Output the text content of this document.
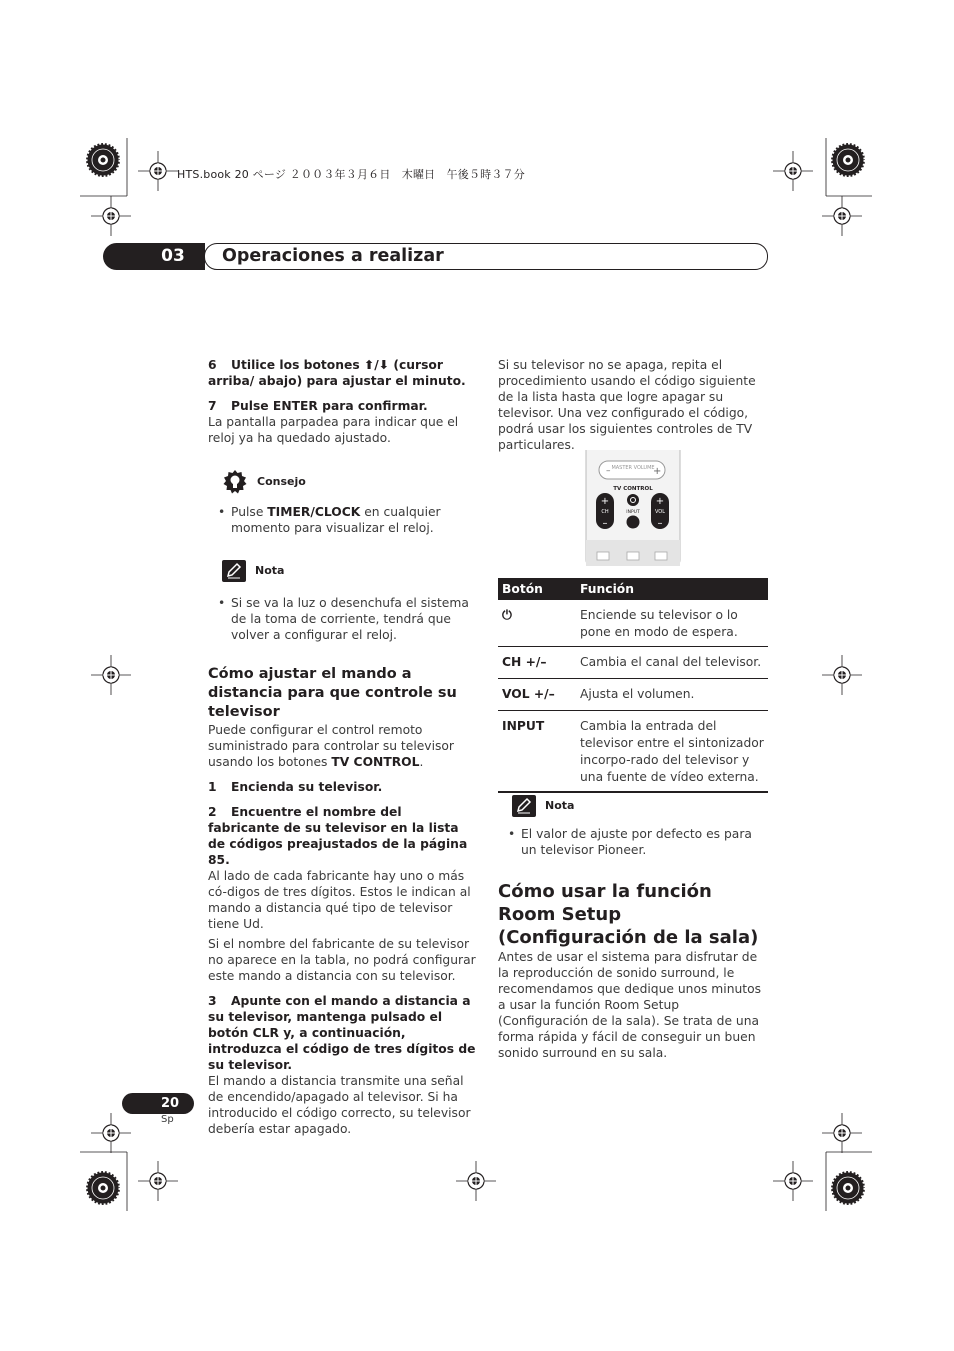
HTS.book 20 ページ ２００３年３月６日　木曜日　午後５時３７分
03	Operaciones a realizar

6 Utilice los botones ⬆/⬇ (cursor arriba/ abajo) para ajustar el minuto.

7 Pulse ENTER para confirmar.

La pantalla parpadea para indicar que el reloj ya ha quedado ajustado.

Consejo
• Pulse TIMER/CLOCK en cualquier momento para visualizar el reloj.
Nota
• Si se va la luz o desenchufa el sistema de la toma de corriente, tendrá que volver a configurar el reloj.

Cómo ajustar el mando a distancia para que controle su televisor

Puede configurar el control remoto suministrado para controlar su televisor usando los botones TV CONTROL.

1 Encienda su televisor.

2 Encuentre el nombre del fabricante de su televisor en la lista de códigos preajustados de la página 85.

Al lado de cada fabricante hay uno o más có-digos de tres dígitos. Estos le indican al mando a distancia qué tipo de televisor tiene Ud.

Si el nombre del fabricante de su televisor no aparece en la tabla, no podrá configurar este mando a distancia con su televisor.

3 Apunte con el mando a distancia a su televisor, mantenga pulsado el botón CLR y, a continuación, introduzca el código de tres dígitos de su televisor.

El mando a distancia transmite una señal de encendido/apagado al televisor. Si ha introducido el código correcto, su televisor debería estar apagado.

Si su televisor no se apaga, repita el procedimiento usando el código siguiente de la lista hasta que logre apagar su televisor. Una vez configurado el código, podrá usar los siguientes controles de TV particulares.
–	+
MASTER VOLUME
TV CONTROL
+
–
+
–
CH	VOL
INPUT
Botón	Función
⏻	Enciende su televisor o lo pone en modo de espera.
CH +/–	Cambia el canal del televisor.
VOL +/–	Ajusta el volumen.
INPUT	Cambia la entrada del televisor entre el sintonizador incorpo-rado del televisor y una fuente de vídeo externa.
Nota
• El valor de ajuste por defecto es para un televisor Pioneer.

Cómo usar la función Room Setup (Configuración de la sala)

Antes de usar el sistema para disfrutar de la reproducción de sonido surround, le recomendamos que dedique unos minutos a usar la función Room Setup (Configuración de la sala). Se trata de una forma rápida y fácil de conseguir un buen sonido surround en su sala.

20
Sp
